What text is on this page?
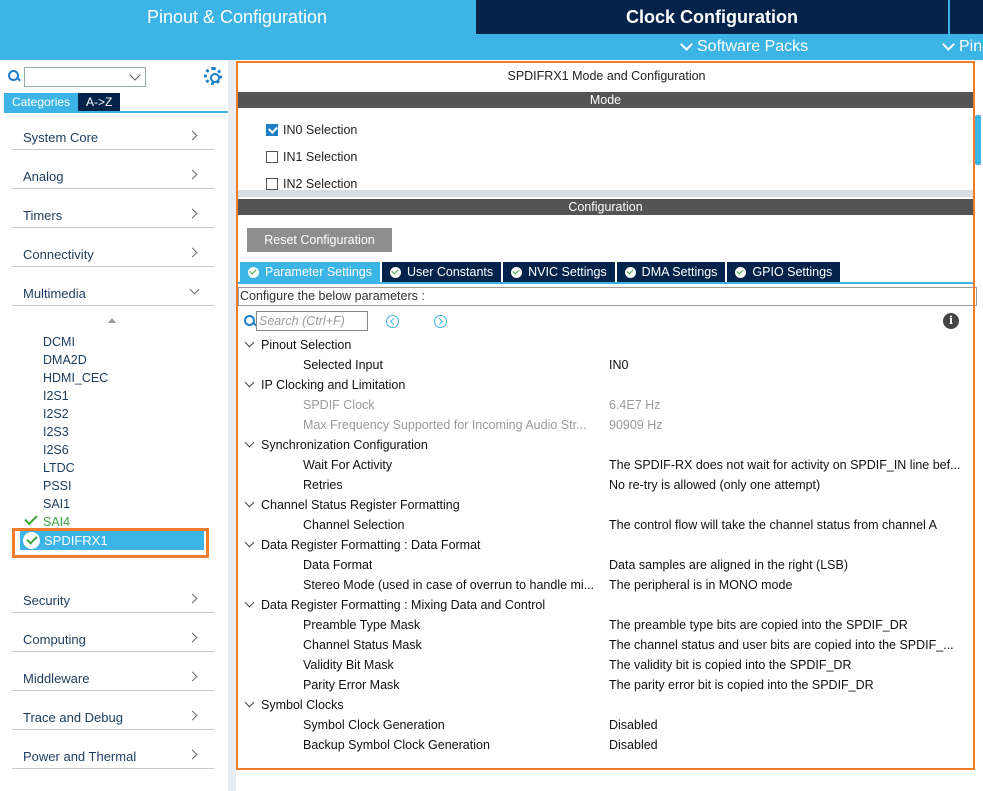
Pinout & Configuration	Clock Configuration
Software Packs	Pin
Categories	A->Z
System Core
Analog
Timers
Connectivity
Multimedia
DCMI
DMA2D
HDMI_CEC
I2S1
I2S2
I2S3
I2S6
LTDC
PSSI
SAI1
SAI4
SPDIFRX1
Security
Computing
Middleware
Trace and Debug
Power and Thermal
SPDIFRX1 Mode and Configuration
Mode
IN0 Selection
IN1 Selection
IN2 Selection
Configuration
Reset Configuration
Parameter Settings	User Constants	NVIC Settings	DMA Settings	GPIO Settings
Configure the below parameters :
Search (Ctrl+F)	i
Pinout Selection
Selected Input	IN0
IP Clocking and Limitation
SPDIF Clock	6.4E7 Hz
Max Frequency Supported for Incoming Audio Str... 90909 Hz
Synchronization Configuration
Wait For Activity	The SPDIF-RX does not wait for activity on SPDIF_IN line bef...
Retries	No re-try is allowed (only one attempt)
Channel Status Register Formatting
Channel Selection	The control flow will take the channel status from channel A
Data Register Formatting : Data Format
Data Format	Data samples are aligned in the right (LSB)
Stereo Mode (used in case of overrun to handle mi... The peripheral is in MONO mode
Data Register Formatting : Mixing Data and Control
Preamble Type Mask	The preamble type bits are copied into the SPDIF_DR
Channel Status Mask	The channel status and user bits are copied into the SPDIF_...
Validity Bit Mask	The validity bit is copied into the SPDIF_DR
Parity Error Mask	The parity error bit is copied into the SPDIF_DR
Symbol Clocks
Symbol Clock Generation	Disabled
Backup Symbol Clock Generation	Disabled
